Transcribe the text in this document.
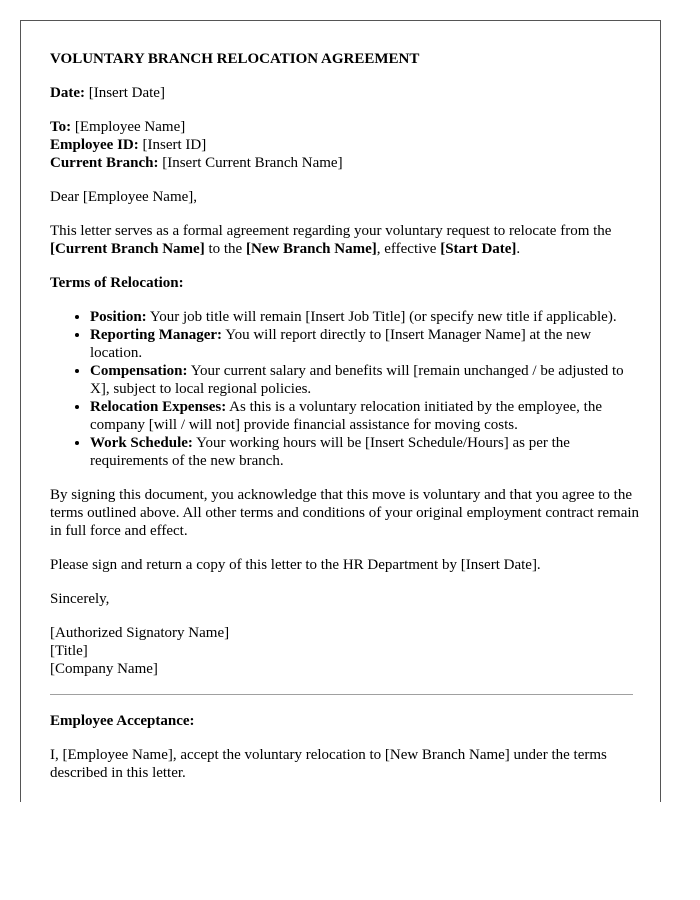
VOLUNTARY BRANCH RELOCATION AGREEMENT

Date: [Insert Date]

To: [Employee Name]
Employee ID: [Insert ID]
Current Branch: [Insert Current Branch Name]

Dear [Employee Name],

This letter serves as a formal agreement regarding your voluntary request to relocate from the [Current Branch Name] to the [New Branch Name], effective [Start Date].

Terms of Relocation:

• Position: Your job title will remain [Insert Job Title] (or specify new title if applicable).
• Reporting Manager: You will report directly to [Insert Manager Name] at the new location.
• Compensation: Your current salary and benefits will [remain unchanged / be adjusted to X], subject to local regional policies.
• Relocation Expenses: As this is a voluntary relocation initiated by the employee, the company [will / will not] provide financial assistance for moving costs.
• Work Schedule: Your working hours will be [Insert Schedule/Hours] as per the requirements of the new branch.

By signing this document, you acknowledge that this move is voluntary and that you agree to the terms outlined above. All other terms and conditions of your original employment contract remain in full force and effect.

Please sign and return a copy of this letter to the HR Department by [Insert Date].

Sincerely,

[Authorized Signatory Name]
[Title]
[Company Name]

Employee Acceptance:

I, [Employee Name], accept the voluntary relocation to [New Branch Name] under the terms described in this letter.
